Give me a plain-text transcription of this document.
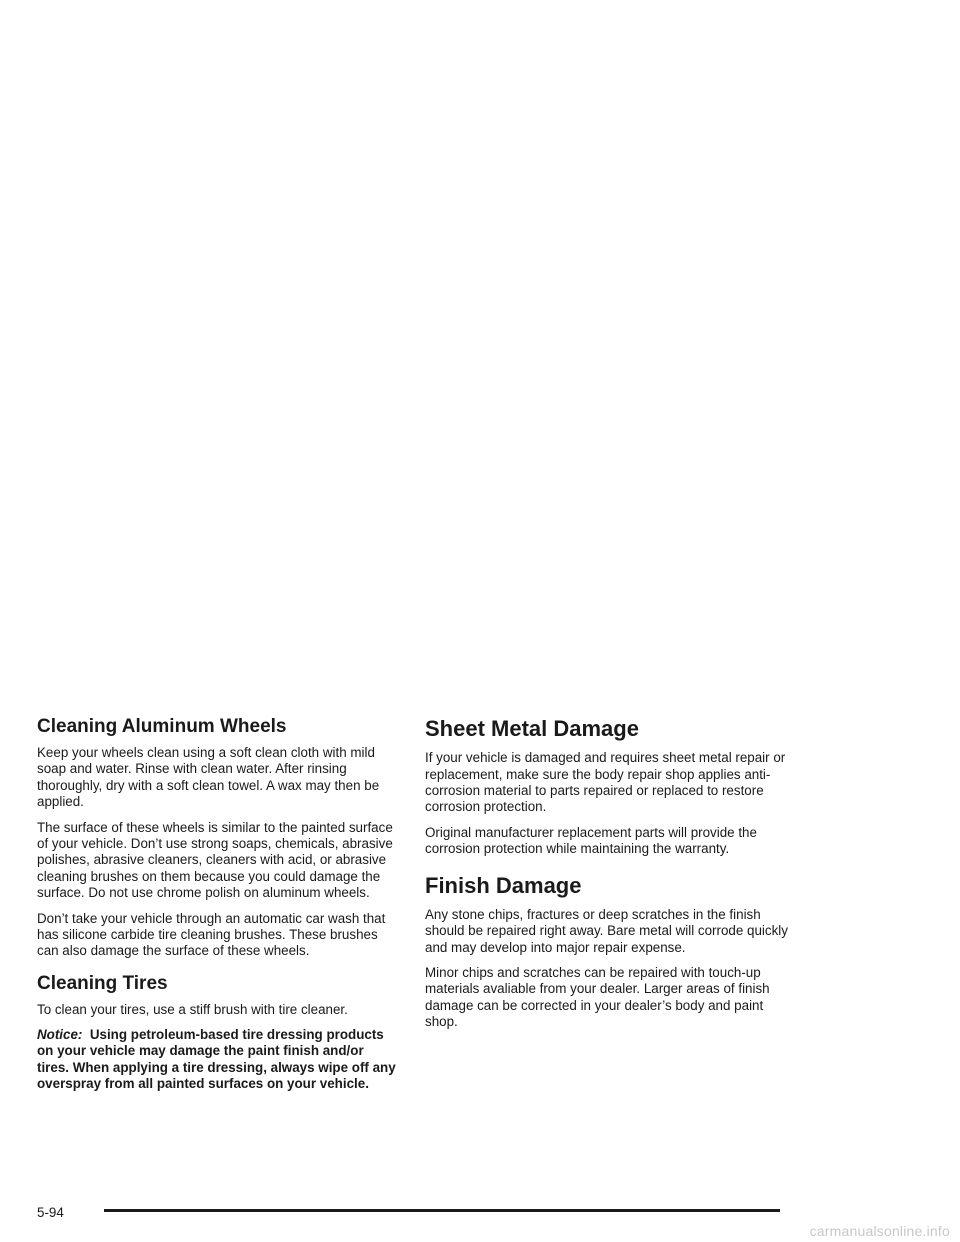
Cleaning Aluminum Wheels

Keep your wheels clean using a soft clean cloth with mild soap and water. Rinse with clean water. After rinsing thoroughly, dry with a soft clean towel. A wax may then be applied.

The surface of these wheels is similar to the painted surface of your vehicle. Don’t use strong soaps, chemicals, abrasive polishes, abrasive cleaners, cleaners with acid, or abrasive cleaning brushes on them because you could damage the surface. Do not use chrome polish on aluminum wheels.

Don’t take your vehicle through an automatic car wash that has silicone carbide tire cleaning brushes. These brushes can also damage the surface of these wheels.

Cleaning Tires

To clean your tires, use a stiff brush with tire cleaner.

Notice: Using petroleum-based tire dressing products on your vehicle may damage the paint finish and/or tires. When applying a tire dressing, always wipe off any overspray from all painted surfaces on your vehicle.

Sheet Metal Damage

If your vehicle is damaged and requires sheet metal repair or replacement, make sure the body repair shop applies anti-corrosion material to parts repaired or replaced to restore corrosion protection.

Original manufacturer replacement parts will provide the corrosion protection while maintaining the warranty.

Finish Damage

Any stone chips, fractures or deep scratches in the finish should be repaired right away. Bare metal will corrode quickly and may develop into major repair expense.

Minor chips and scratches can be repaired with touch-up materials avaliable from your dealer. Larger areas of finish damage can be corrected in your dealer’s body and paint shop.

5-94
carmanualsonline.info
